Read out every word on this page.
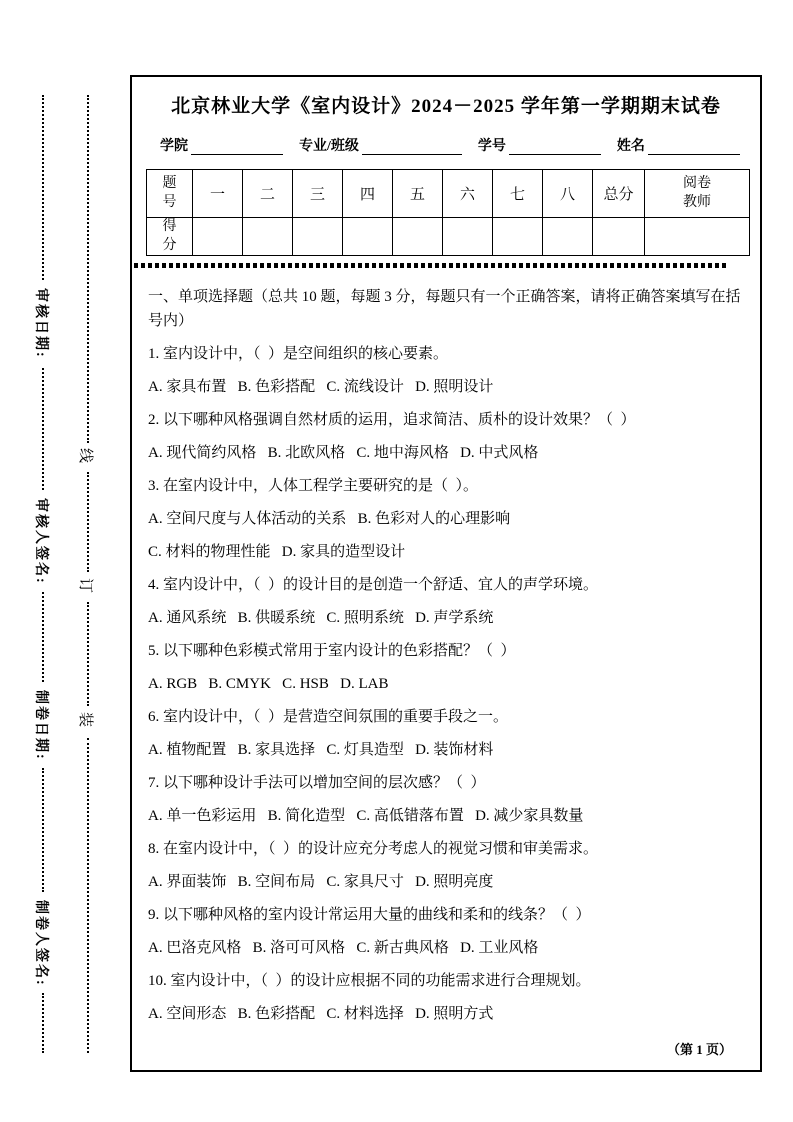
审核日期:
审核人签名:
制卷日期:
制卷人签名:
线
订
装
北京林业大学《室内设计》2024－2025 学年第一学期期末试卷
学院	专业/班级	学号	姓名
题号	一	二	三	四	五	六	七	八	总分	阅卷教师

得分										

一、单项选择题（总共 10 题，每题 3 分，每题只有一个正确答案，请将正确答案填写在括号内）
1. 室内设计中，（  ）是空间组织的核心要素。
A. 家具布置   B. 色彩搭配   C. 流线设计   D. 照明设计
2. 以下哪种风格强调自然材质的运用，追求简洁、质朴的设计效果？（  ）
A. 现代简约风格   B. 北欧风格   C. 地中海风格   D. 中式风格
3. 在室内设计中，人体工程学主要研究的是（  ）。
A. 空间尺度与人体活动的关系   B. 色彩对人的心理影响
C. 材料的物理性能   D. 家具的造型设计
4. 室内设计中，（  ）的设计目的是创造一个舒适、宜人的声学环境。
A. 通风系统   B. 供暖系统   C. 照明系统   D. 声学系统
5. 以下哪种色彩模式常用于室内设计的色彩搭配？（  ）
A. RGB   B. CMYK   C. HSB   D. LAB
6. 室内设计中，（  ）是营造空间氛围的重要手段之一。
A. 植物配置   B. 家具选择   C. 灯具造型   D. 装饰材料
7. 以下哪种设计手法可以增加空间的层次感？（  ）
A. 单一色彩运用   B. 简化造型   C. 高低错落布置   D. 减少家具数量
8. 在室内设计中，（  ）的设计应充分考虑人的视觉习惯和审美需求。
A. 界面装饰   B. 空间布局   C. 家具尺寸   D. 照明亮度
9. 以下哪种风格的室内设计常运用大量的曲线和柔和的线条？（  ）
A. 巴洛克风格   B. 洛可可风格   C. 新古典风格   D. 工业风格
10. 室内设计中，（  ）的设计应根据不同的功能需求进行合理规划。
A. 空间形态   B. 色彩搭配   C. 材料选择   D. 照明方式
（第 1 页）
